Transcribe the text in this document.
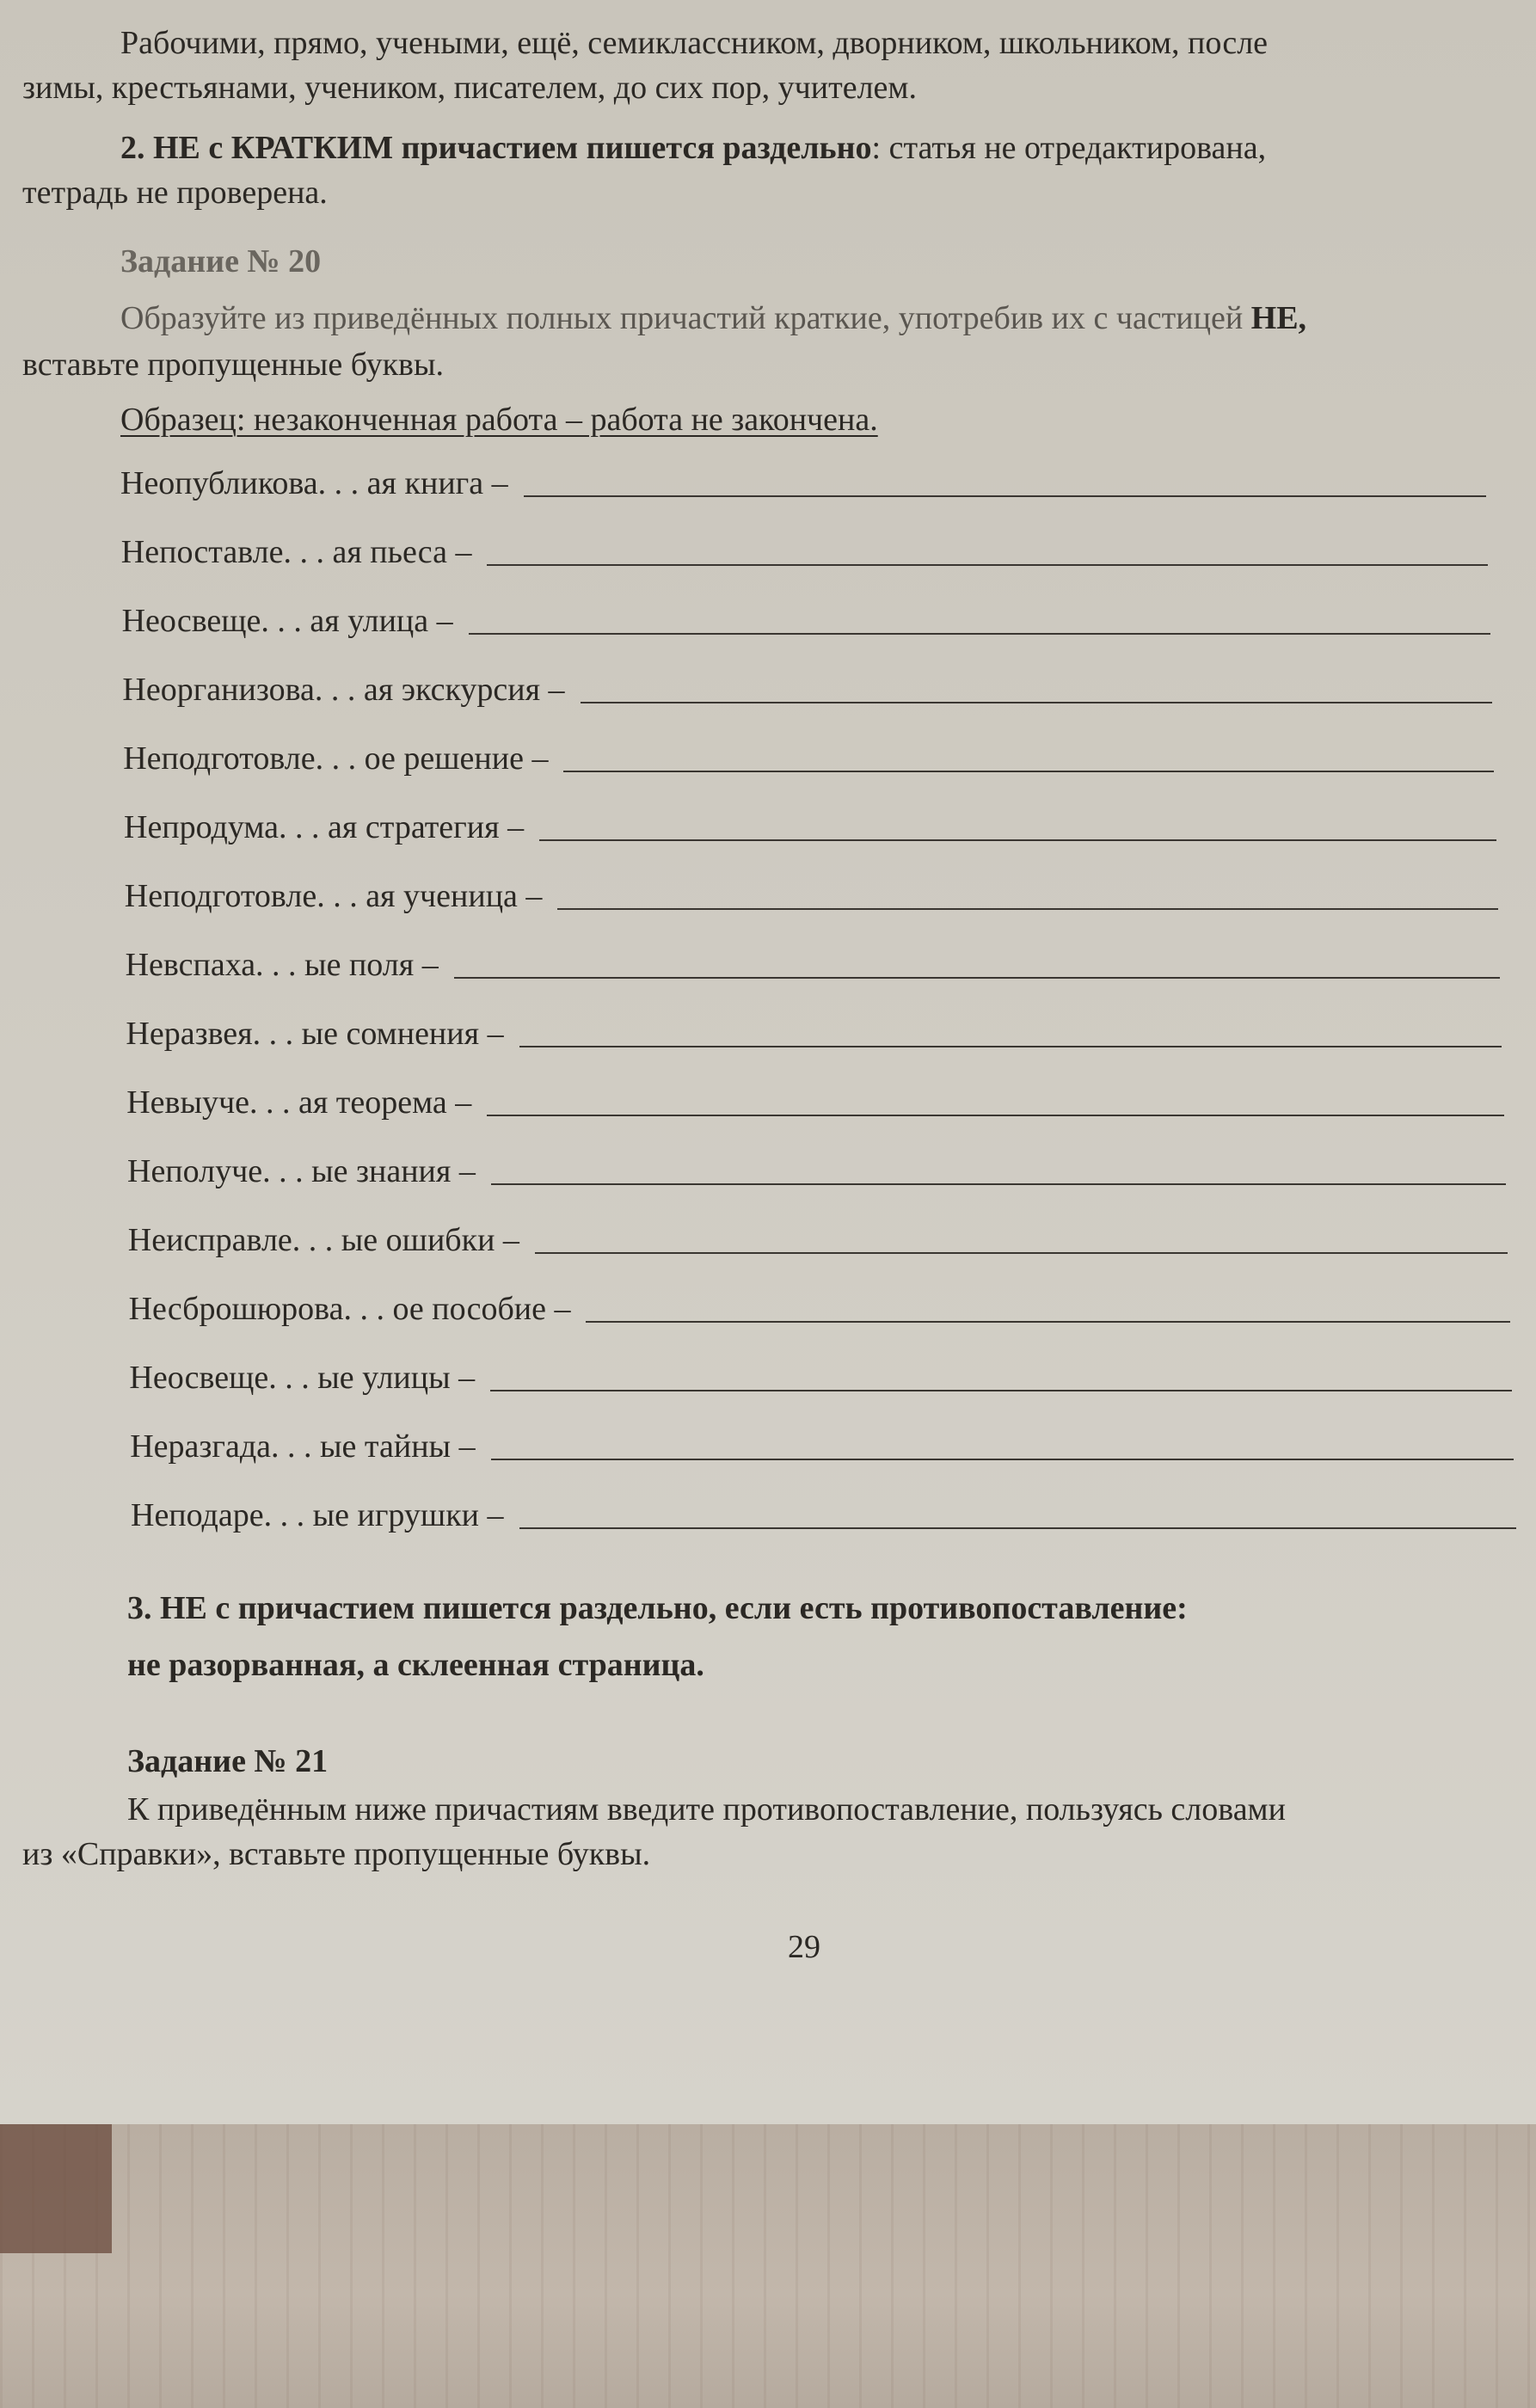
Рабочими, прямо, учеными, ещё, семиклассником, дворником, школьником, после

зимы, крестьянами, учеником, писателем, до сих пор, учителем.

2. НЕ с КРАТКИМ причастием пишется раздельно: статья не отредактирована,

тетрадь не проверена.

Задание № 20

Образуйте из приведённых полных причастий краткие, употребив их с частицей НЕ,

вставьте пропущенные буквы.

Образец: незаконченная работа – работа не закончена.

Неопубликова. . . ая книга –
Непоставле. . . ая пьеса –
Неосвеще. . . ая улица –
Неорганизова. . . ая экскурсия –
Неподготовле. . . ое решение –
Непродума. . . ая стратегия –
Неподготовле. . . ая ученица –
Невспаха. . . ые поля –
Неразвея. . . ые сомнения –
Невыуче. . . ая теорема –
Неполуче. . . ые знания –
Неисправле. . . ые ошибки –
Несброшюрова. . . ое пособие –
Неосвеще. . . ые улицы –
Неразгада. . . ые тайны –
Неподаре. . . ые игрушки –

3. НЕ с причастием пишется раздельно, если есть противопоставление:

не разорванная, а склеенная страница.

Задание № 21

К приведённым ниже причастиям введите противопоставление, пользуясь словами

из «Справки», вставьте пропущенные буквы.

29
